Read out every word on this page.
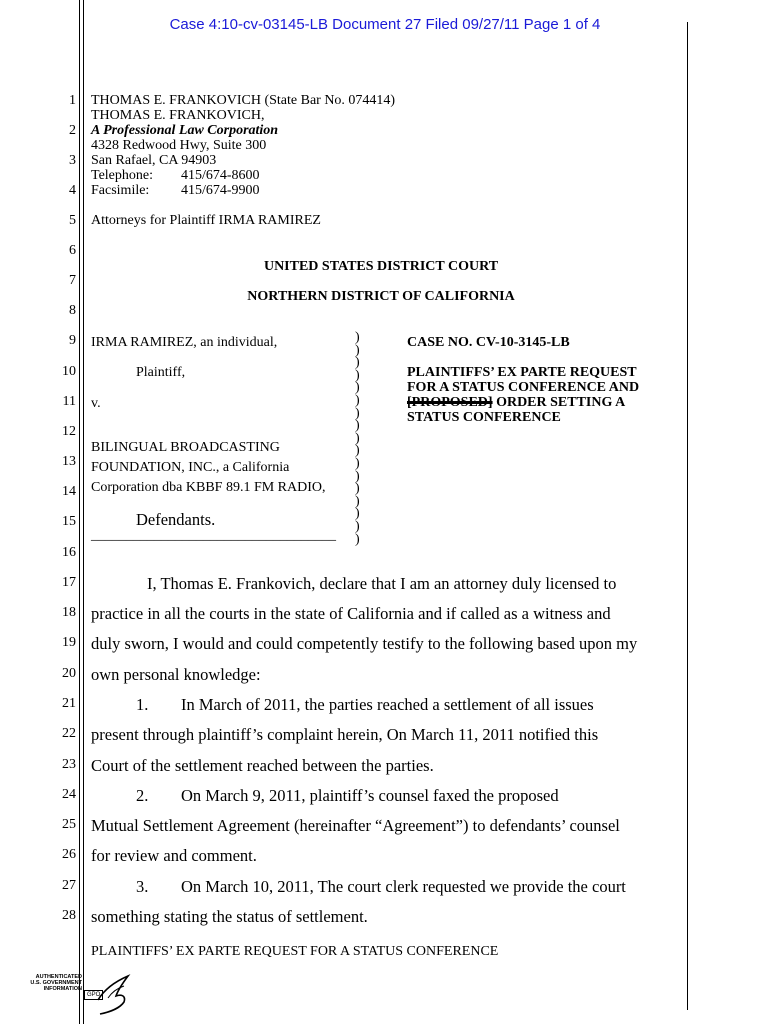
Case 4:10-cv-03145-LB Document 27 Filed 09/27/11 Page 1 of 4
1
2
3
4
5
6
7
8
9
10
11
12
13
14
15
16
17
18
19
20
21
22
23
24
25
26
27
28
THOMAS E. FRANKOVICH (State Bar No. 074414)
THOMAS E. FRANKOVICH,
A Professional Law Corporation
4328 Redwood Hwy, Suite 300
San Rafael, CA 94903
Telephone: 415/674-8600
Facsimile: 415/674-9900
Attorneys for Plaintiff IRMA RAMIREZ
UNITED STATES DISTRICT COURT
NORTHERN DISTRICT OF CALIFORNIA
IRMA RAMIREZ, an individual,
Plaintiff,
v.
BILINGUAL BROADCASTING
FOUNDATION, INC., a California
Corporation dba KBBF 89.1 FM RADIO,
Defendants.
___________________________________
)
)
)
)
)
)
)
)
)
)
)
)
)
)
)
)
)
CASE NO. CV-10-3145-LB
PLAINTIFFS’ EX PARTE REQUEST
FOR A STATUS CONFERENCE AND
[PROPOSED] ORDER SETTING A
STATUS CONFERENCE
I, Thomas E. Frankovich, declare that I am an attorney duly licensed to
practice in all the courts in the state of California and if called as a witness and
duly sworn, I would and could competently testify to the following based upon my
own personal knowledge:
1. In March of 2011, the parties reached a settlement of all issues
present through plaintiff’s complaint herein, On March 11, 2011 notified this
Court of the settlement reached between the parties.
2. On March 9, 2011, plaintiff’s counsel faxed the proposed
Mutual Settlement Agreement (hereinafter “Agreement”) to defendants’ counsel
for review and comment.
3. On March 10, 2011, The court clerk requested we provide the court
something stating the status of settlement.
PLAINTIFFS’ EX PARTE REQUEST FOR A STATUS CONFERENCE
AUTHENTICATED
U.S. GOVERNMENT
INFORMATION
GPO
